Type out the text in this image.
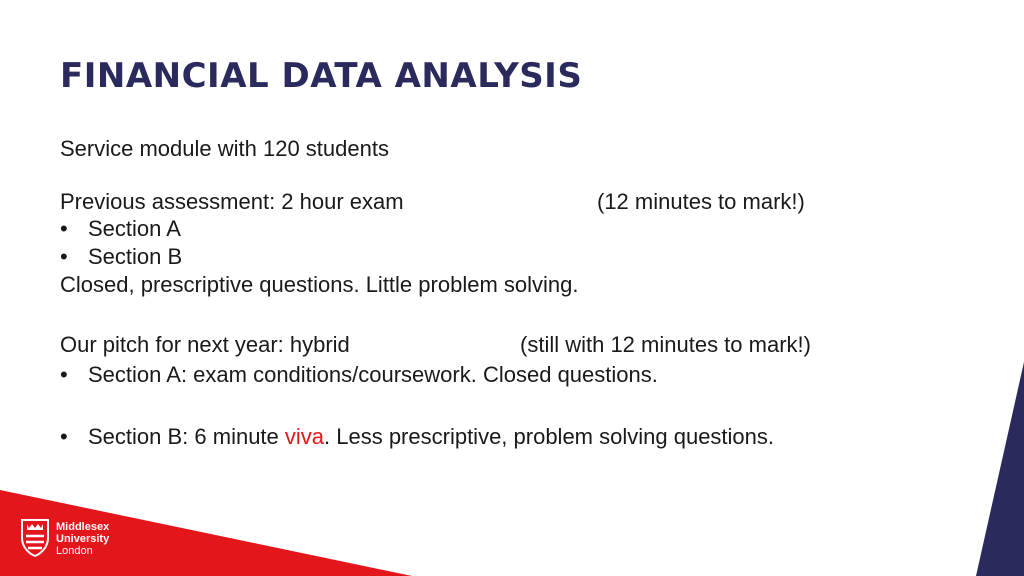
FINANCIAL DATA ANALYSIS
Service module with 120 students
Previous assessment: 2 hour exam	(12 minutes to mark!)
• Section A
• Section B
Closed, prescriptive questions. Little problem solving.
Our pitch for next year: hybrid	(still with 12 minutes to mark!)
• Section A: exam conditions/coursework. Closed questions.
• Section B: 6 minute viva. Less prescriptive, problem solving questions.
Middlesex
University
London
